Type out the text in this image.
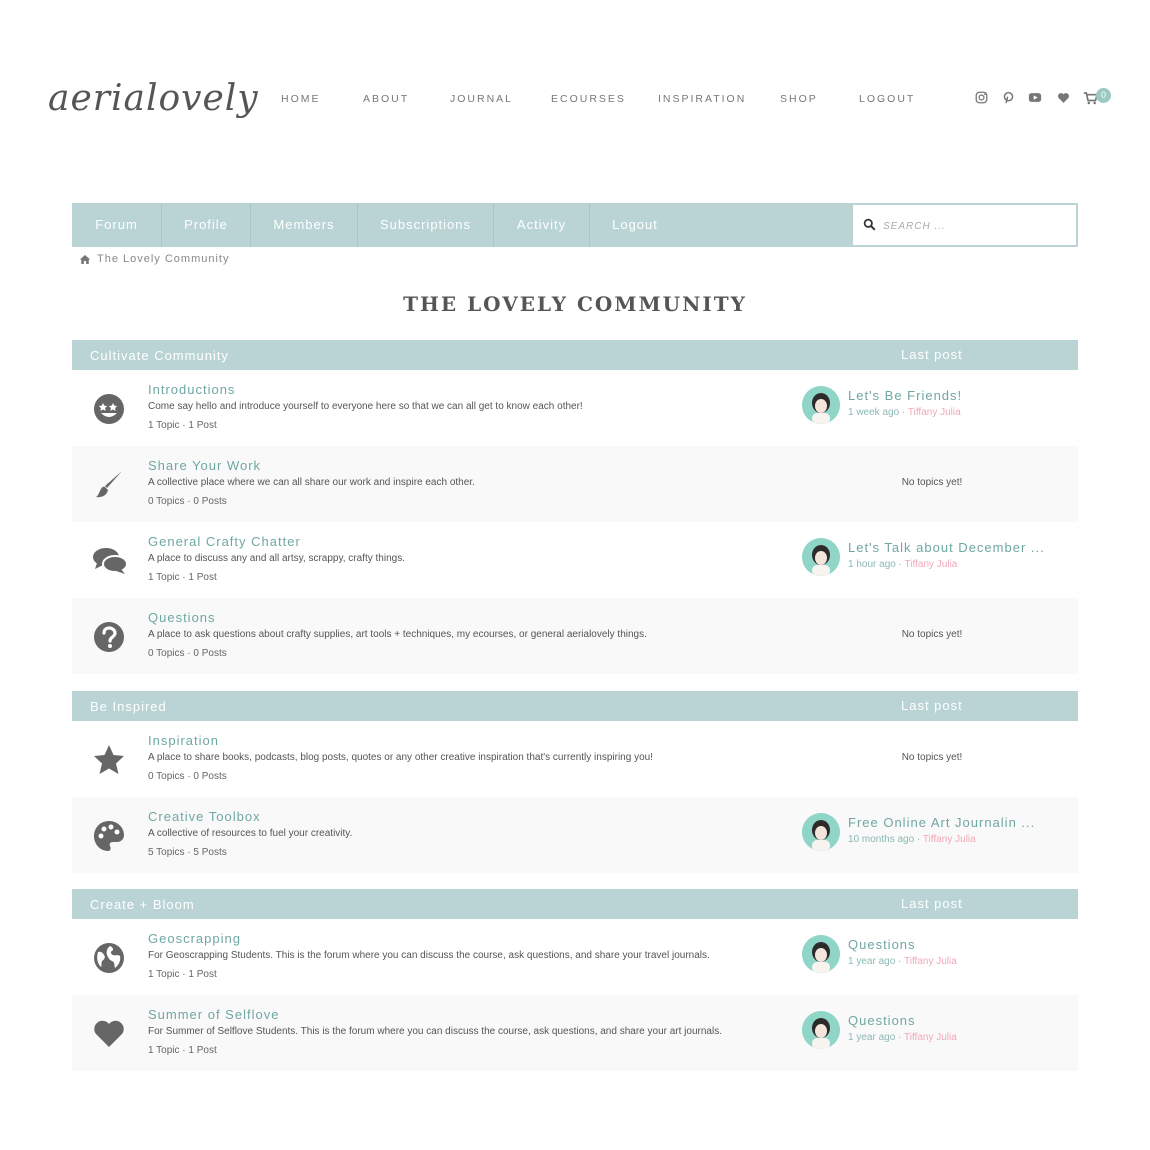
aerialovely HOME	ABOUT	JOURNAL	ECOURSES	INSPIRATION	SHOP	LOGOUT	0
Forum	Profile	Members	Subscriptions	Activity	Logout
SEARCH ...
The Lovely Community
THE LOVELY COMMUNITY
Cultivate Community	Last post
Introductions
Come say hello and introduce yourself to everyone here so that we can all get to know each other!
1 Topic · 1 Post
Let's Be Friends!
1 week ago · Tiffany Julia
Share Your Work
A collective place where we can all share our work and inspire each other.
0 Topics · 0 Posts
No topics yet!
General Crafty Chatter
A place to discuss any and all artsy, scrappy, crafty things.
1 Topic · 1 Post
Let's Talk about December ...
1 hour ago · Tiffany Julia
Questions
A place to ask questions about crafty supplies, art tools + techniques, my ecourses, or general aerialovely things.
0 Topics · 0 Posts
No topics yet!
Be Inspired	Last post
Inspiration
A place to share books, podcasts, blog posts, quotes or any other creative inspiration that's currently inspiring you!
0 Topics · 0 Posts
No topics yet!
Creative Toolbox
A collective of resources to fuel your creativity.
5 Topics · 5 Posts
Free Online Art Journalin ...
10 months ago · Tiffany Julia
Create + Bloom	Last post
Geoscrapping
For Geoscrapping Students. This is the forum where you can discuss the course, ask questions, and share your travel journals.
1 Topic · 1 Post
Questions
1 year ago · Tiffany Julia
Summer of Selflove
For Summer of Selflove Students. This is the forum where you can discuss the course, ask questions, and share your art journals.
1 Topic · 1 Post
Questions
1 year ago · Tiffany Julia
